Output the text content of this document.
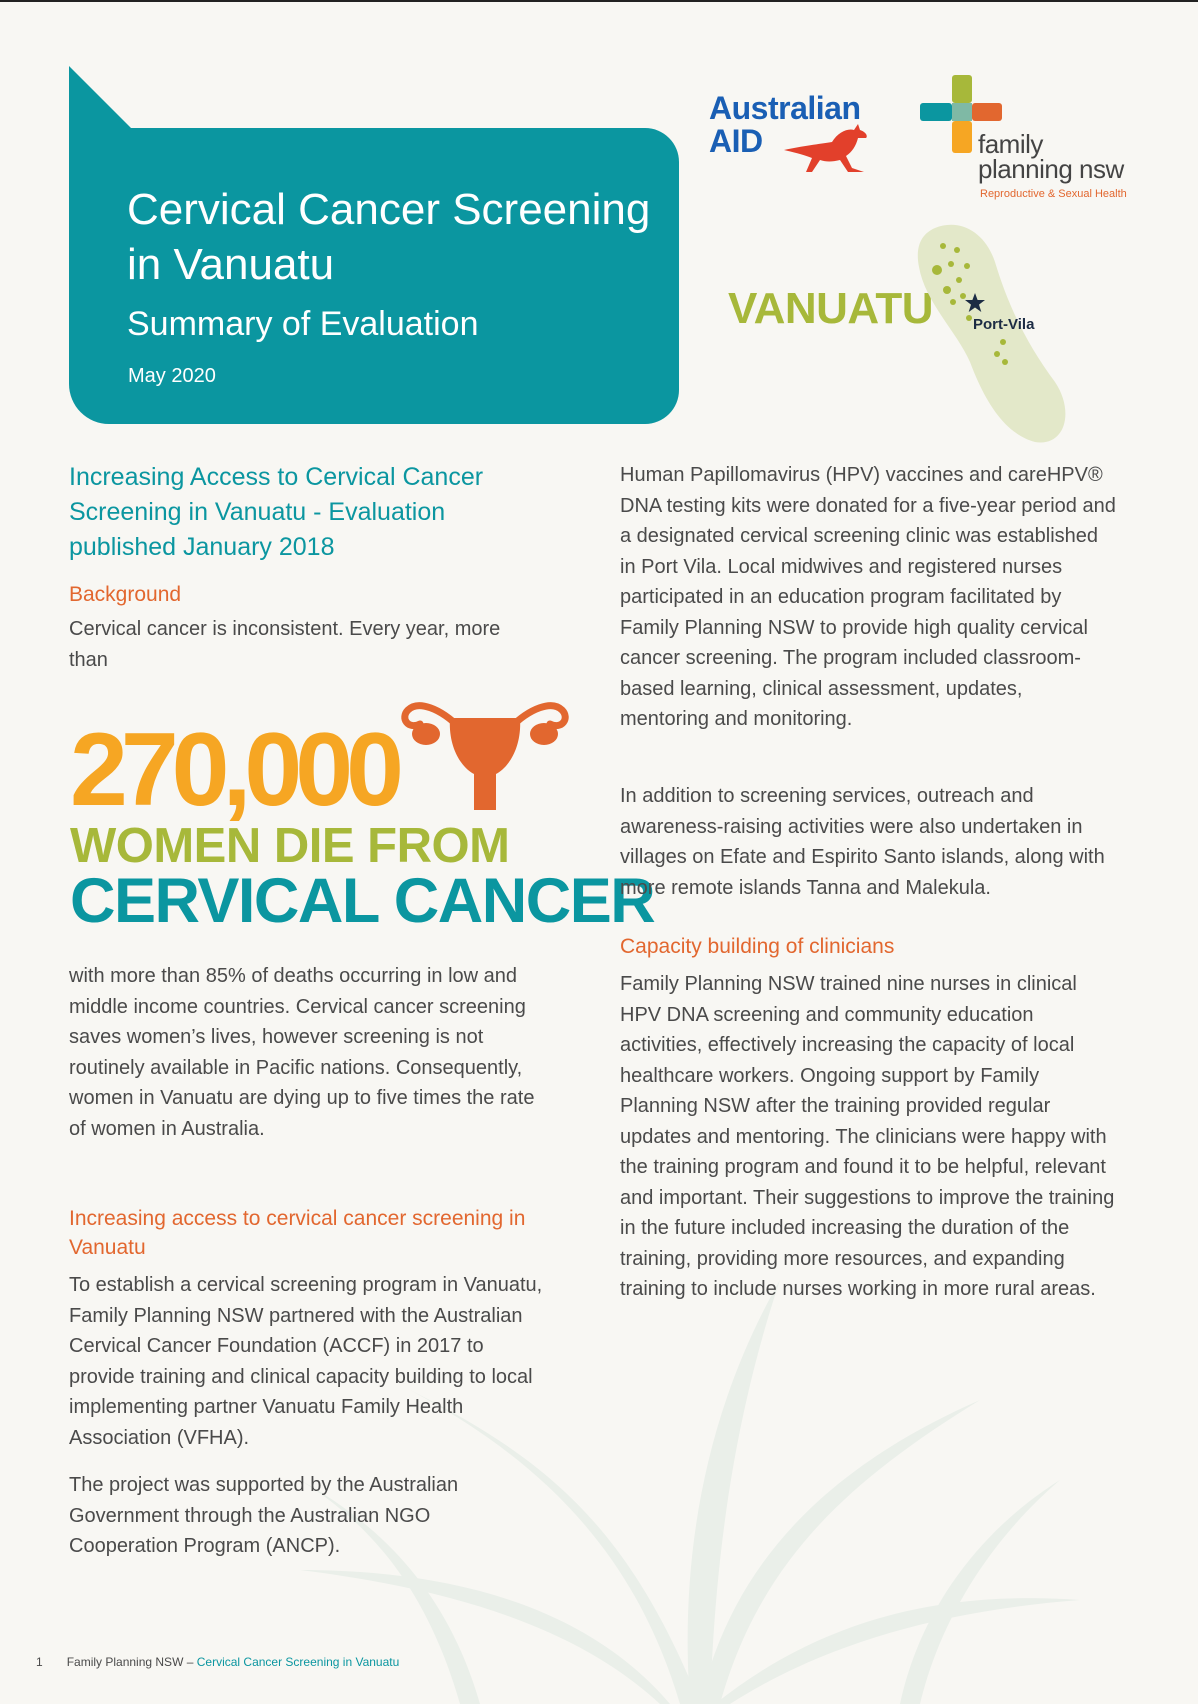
Cervical Cancer Screening in Vanuatu
Summary of Evaluation
May 2020
Australian
AID	family
planning nsw
Reproductive & Sexual Health
VANUATU	Port-Vila
Increasing Access to Cervical Cancer Screening in Vanuatu - Evaluation published January 2018
Background

Cervical cancer is inconsistent. Every year, more than

270,000
WOMEN DIE FROM
CERVICAL CANCER

with more than 85% of deaths occurring in low and middle income countries. Cervical cancer screening saves women’s lives, however screening is not routinely available in Pacific nations. Consequently, women in Vanuatu are dying up to five times the rate of women in Australia.

Increasing access to cervical cancer screening in Vanuatu

To establish a cervical screening program in Vanuatu, Family Planning NSW partnered with the Australian Cervical Cancer Foundation (ACCF) in 2017 to provide training and clinical capacity building to local implementing partner Vanuatu Family Health Association (VFHA).

The project was supported by the Australian Government through the Australian NGO Cooperation Program (ANCP).

Human Papillomavirus (HPV) vaccines and careHPV® DNA testing kits were donated for a five-year period and a designated cervical screening clinic was established in Port Vila. Local midwives and registered nurses participated in an education program facilitated by Family Planning NSW to provide high quality cervical cancer screening. The program included classroom-based learning, clinical assessment, updates, mentoring and monitoring.

In addition to screening services, outreach and awareness-raising activities were also undertaken in villages on Efate and Espirito Santo islands, along with more remote islands Tanna and Malekula.

Capacity building of clinicians

Family Planning NSW trained nine nurses in clinical HPV DNA screening and community education activities, effectively increasing the capacity of local healthcare workers. Ongoing support by Family Planning NSW after the training provided regular updates and mentoring. The clinicians were happy with the training program and found it to be helpful, relevant and important. Their suggestions to improve the training in the future included increasing the duration of the training, providing more resources, and expanding training to include nurses working in more rural areas.

1 Family Planning NSW – Cervical Cancer Screening in Vanuatu
